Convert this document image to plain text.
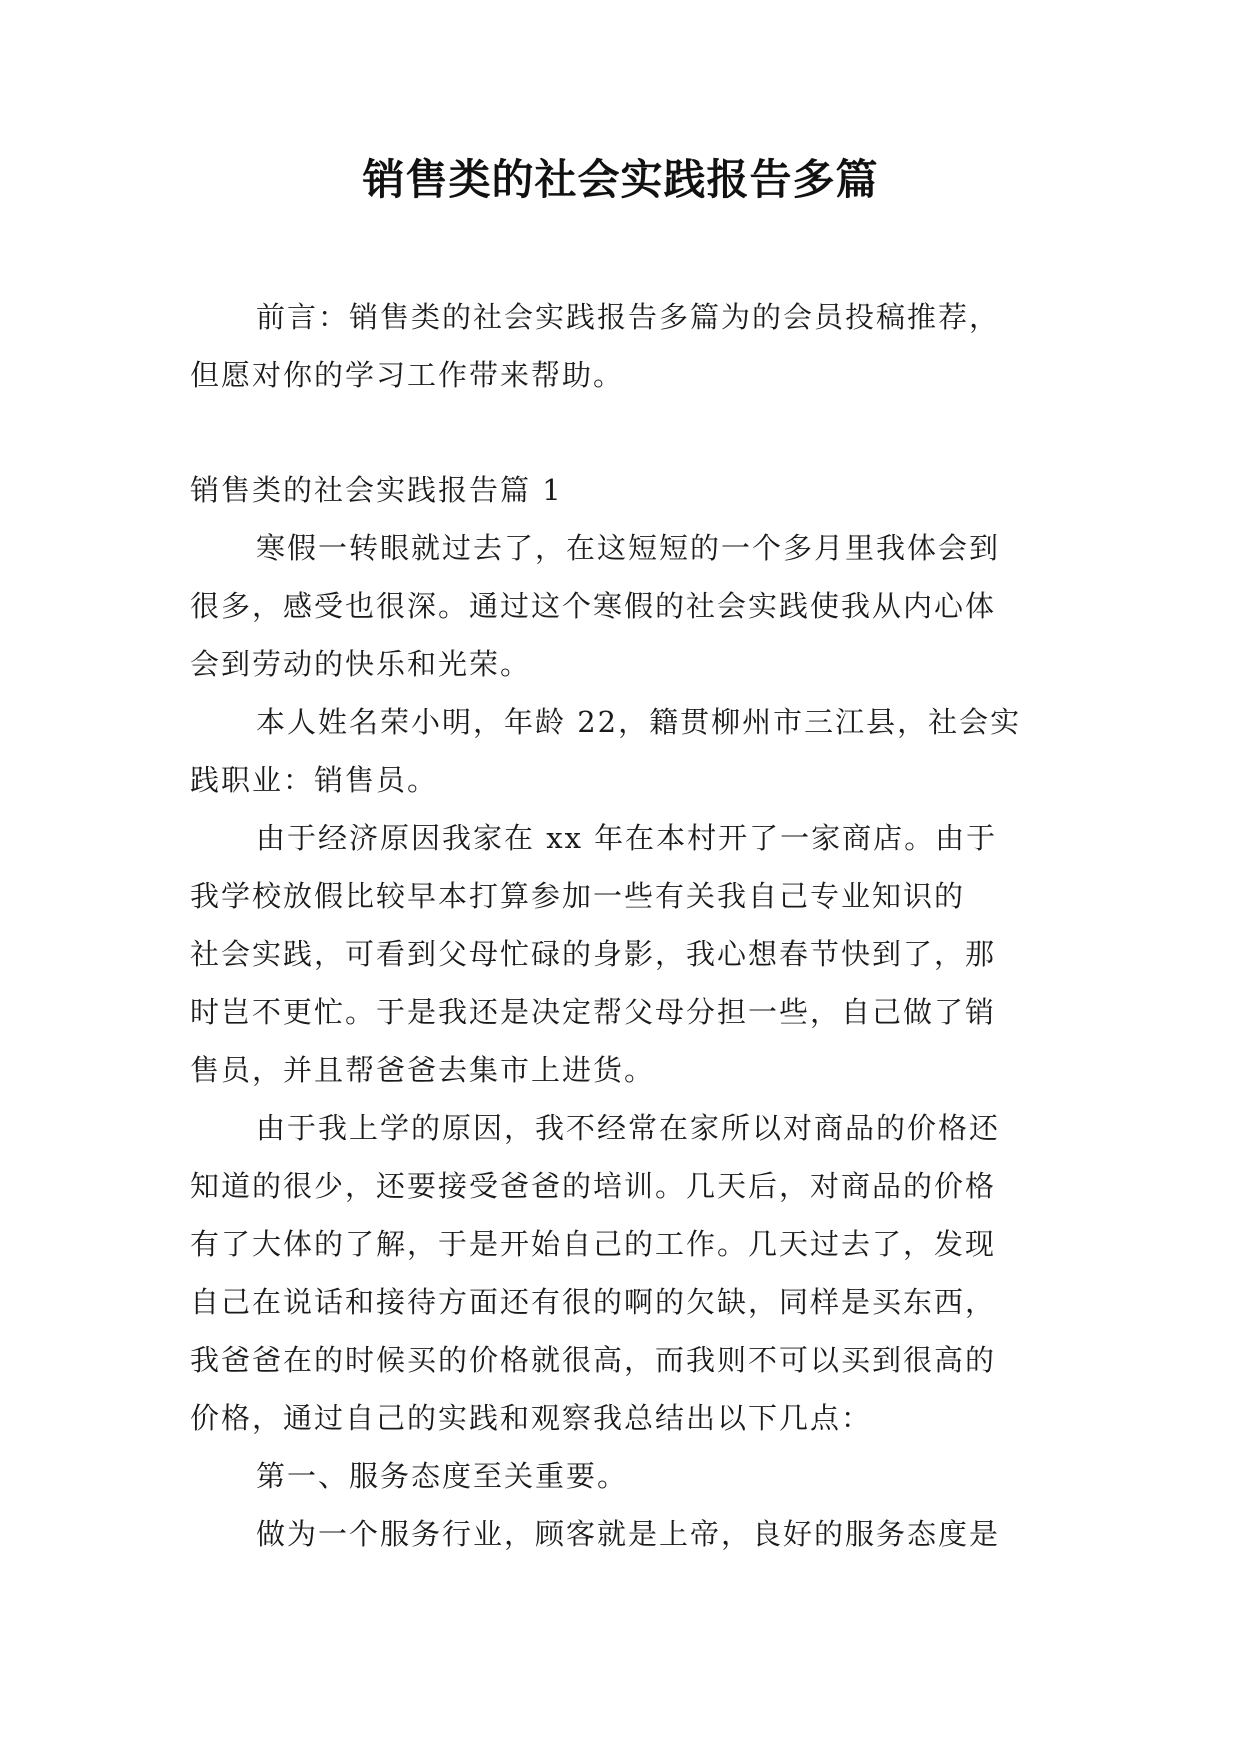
销售类的社会实践报告多篇

前言：销售类的社会实践报告多篇为的会员投稿推荐，
但愿对你的学习工作带来帮助。

销售类的社会实践报告篇 1

寒假一转眼就过去了，在这短短的一个多月里我体会到
很多，感受也很深。通过这个寒假的社会实践使我从内心体
会到劳动的快乐和光荣。

本人姓名荣小明，年龄 22，籍贯柳州市三江县，社会实
践职业：销售员。

由于经济原因我家在 xx 年在本村开了一家商店。由于
我学校放假比较早本打算参加一些有关我自己专业知识的
社会实践，可看到父母忙碌的身影，我心想春节快到了，那
时岂不更忙。于是我还是决定帮父母分担一些，自己做了销
售员，并且帮爸爸去集市上进货。

由于我上学的原因，我不经常在家所以对商品的价格还
知道的很少，还要接受爸爸的培训。几天后，对商品的价格
有了大体的了解，于是开始自己的工作。几天过去了，发现
自己在说话和接待方面还有很的啊的欠缺，同样是买东西，
我爸爸在的时候买的价格就很高，而我则不可以买到很高的
价格，通过自己的实践和观察我总结出以下几点：

第一、服务态度至关重要。

做为一个服务行业，顾客就是上帝，良好的服务态度是
